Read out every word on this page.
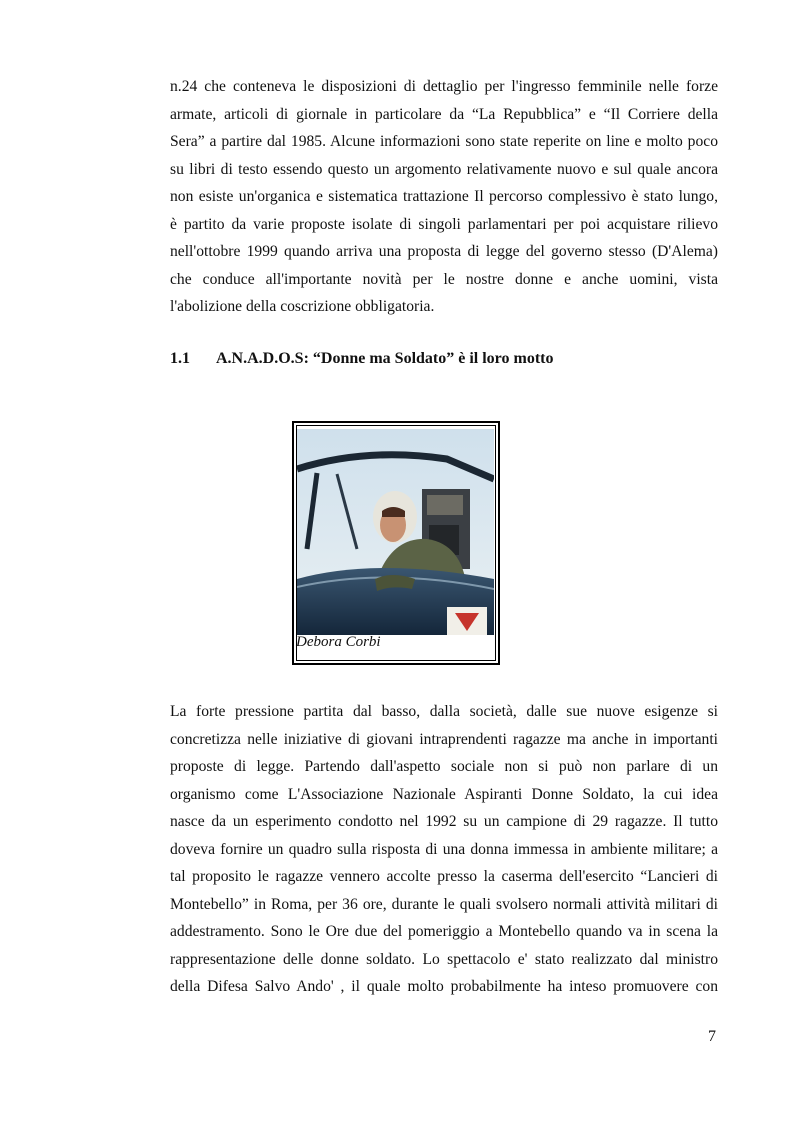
n.24 che conteneva le disposizioni di dettaglio per l'ingresso femminile nelle forze
armate, articoli di giornale in particolare da “La Repubblica” e “Il Corriere della
Sera” a partire dal 1985. Alcune informazioni sono state reperite on line e molto poco
su libri di testo essendo questo un argomento relativamente nuovo e sul quale ancora
non esiste un'organica e sistematica trattazione Il percorso complessivo è stato lungo,
è partito da varie proposte isolate di singoli parlamentari per poi acquistare rilievo
nell'ottobre 1999 quando arriva una proposta di legge del governo stesso (D'Alema)
che conduce all'importante novità per le nostre donne e anche uomini, vista
l'abolizione della coscrizione obbligatoria.
1.1 A.N.A.D.O.S: “Donne ma Soldato” è il loro motto
Debora Corbi
La forte pressione partita dal basso, dalla società, dalle sue nuove esigenze si
concretizza nelle iniziative di giovani intraprendenti ragazze ma anche in importanti
proposte di legge. Partendo dall'aspetto sociale non si può non parlare di un
organismo come L'Associazione Nazionale Aspiranti Donne Soldato, la cui idea
nasce da un esperimento condotto nel 1992 su un campione di 29 ragazze. Il tutto
doveva fornire un quadro sulla risposta di una donna immessa in ambiente militare; a
tal proposito le ragazze vennero accolte presso la caserma dell'esercito “Lancieri di
Montebello” in Roma, per 36 ore, durante le quali svolsero normali attività militari di
addestramento. Sono le Ore due del pomeriggio a Montebello quando va in scena la
rappresentazione delle donne soldato. Lo spettacolo e' stato realizzato dal ministro
della Difesa Salvo Ando' , il quale molto probabilmente ha inteso promuovere con
7
